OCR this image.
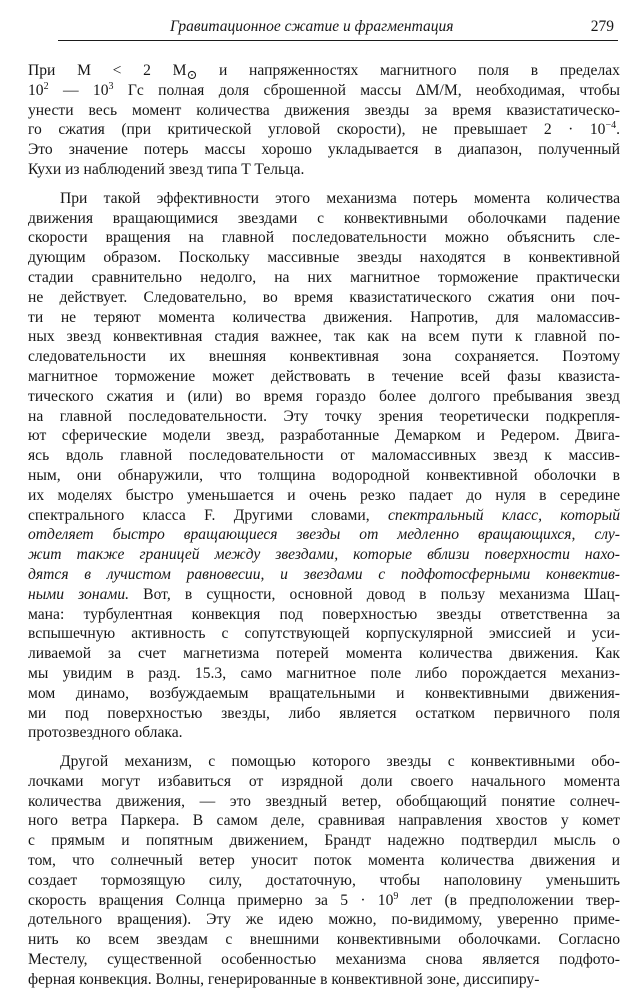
Гравитационное сжатие и фрагментация	279
При M < 2 $M_⊙$ и напряженностях магнитного поля в пределах
$10^2$ — $10^3$ Гс полная доля сброшенной массы ΔM/M, необходимая, чтобы
унести весь момент количества движения звезды за время квазистатическо-
го сжатия (при критической угловой скорости), не превышает $2 \cdot 10^{-4}$.
Это значение потерь массы хорошо укладывается в диапазон, полученный
Кухи из наблюдений звезд типа T Тельца.
При такой эффективности этого механизма потерь момента количества
движения вращающимися звездами с конвективными оболочками падение
скорости вращения на главной последовательности можно объяснить сле-
дующим образом. Поскольку массивные звезды находятся в конвективной
стадии сравнительно недолго, на них магнитное торможение практически
не действует. Следовательно, во время квазистатического сжатия они поч-
ти не теряют момента количества движения. Напротив, для маломассив-
ных звезд конвективная стадия важнее, так как на всем пути к главной по-
следовательности их внешняя конвективная зона сохраняется. Поэтому
магнитное торможение может действовать в течение всей фазы квазистa-
тического сжатия и (или) во время гораздо более долгого пребывания звезд
на главной последовательности. Эту точку зрения теоретически подкрепля-
ют сферические модели звезд, разработанные Демарком и Редером. Двига-
ясь вдоль главной последовательности от маломассивных звезд к массив-
ным, они обнаружили, что толщина водородной конвективной оболочки в
их моделях быстро уменьшается и очень резко падает до нуля в середине
спектрального класса F. Другими словами, спектральный класс, который
отделяет быстро вращающиеся звезды от медленно вращающихся, слу-
жит также границей между звездами, которые вблизи поверхности нахо-
дятся в лучистом равновесии, и звездами с подфотосферными конвектив-
ными зонами. Вот, в сущности, основной довод в пользу механизма Шац-
мана: турбулентная конвекция под поверхностью звезды ответственна за
вспышечную активность с сопутствующей корпускулярной эмиссией и уси-
ливаемой за счет магнетизма потерей момента количества движения. Как
мы увидим в разд. 15.3, само магнитное поле либо порождается механиз-
мом динамо, возбуждаемым вращательными и конвективными движения-
ми под поверхностью звезды, либо является остатком первичного поля
протозвездного облака.
Другой механизм, с помощью которого звезды с конвективными обо-
лочками могут избавиться от изрядной доли своего начального момента
количества движения, — это звездный ветер, обобщающий понятие солнеч-
ного ветра Паркера. В самом деле, сравнивая направления хвостов у комет
с прямым и попятным движением, Брандт надежно подтвердил мысль о
том, что солнечный ветер уносит поток момента количества движения и
создает тормозящую силу, достаточную, чтобы наполовину уменьшить
скорость вращения Солнца примерно за $5 \cdot 10^9$ лет (в предположении твер-
дотельного вращения). Эту же идею можно, по-видимому, уверенно приме-
нить ко всем звездам с внешними конвективными оболочками. Согласно
Местелу, существенной особенностью механизма снова является подфото-
ферная конвекция. Волны, генерированные в конвективной зоне, диссипиру-
